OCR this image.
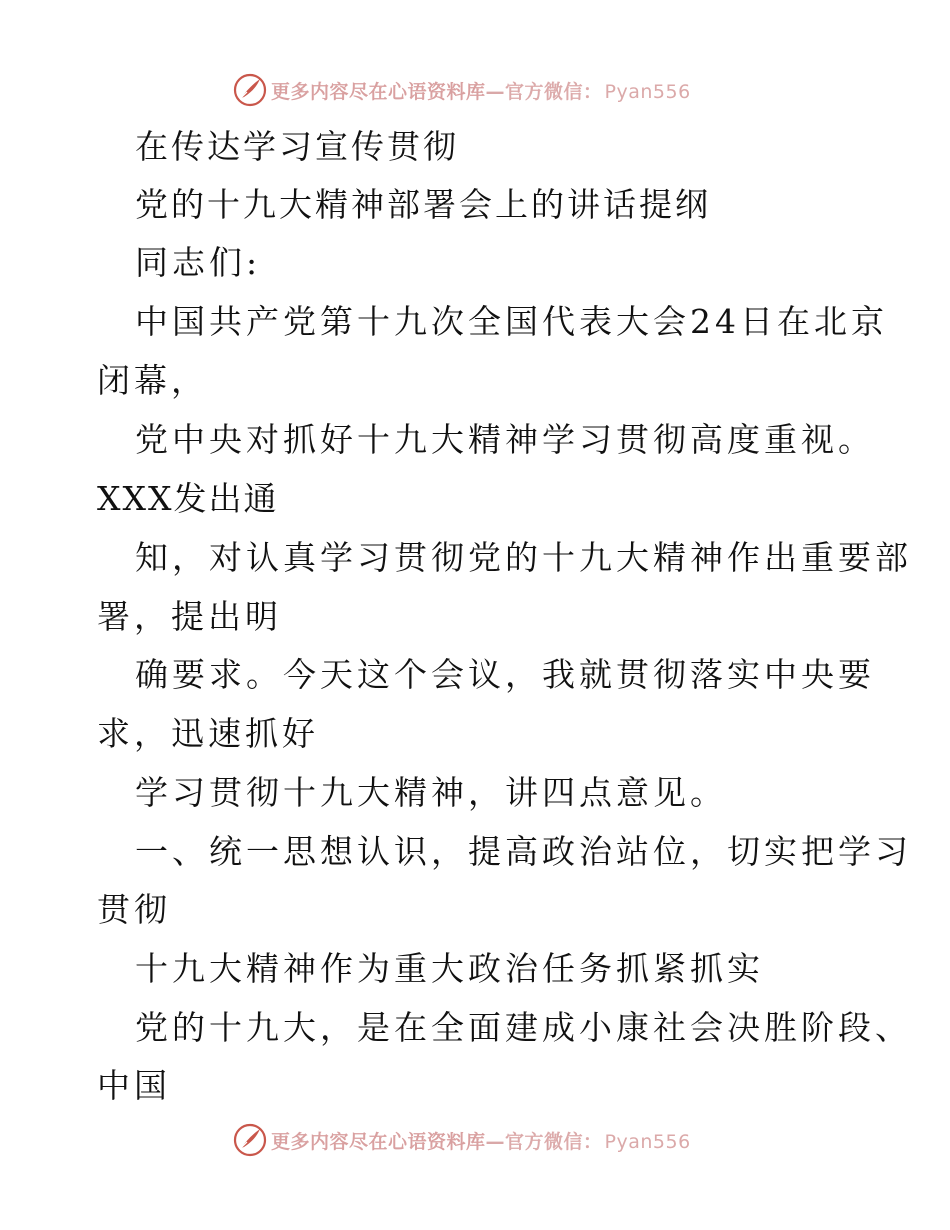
更多内容尽在心语资料库—官方微信： Pyan556
在传达学习宣传贯彻
党的十九大精神部署会上的讲话提纲
同志们:
中国共产党第十九次全国代表大会24日在北京
闭幕，
党中央对抓好十九大精神学习贯彻高度重视。
XXX发出通
知，对认真学习贯彻党的十九大精神作出重要部
署，提出明
确要求。今天这个会议，我就贯彻落实中央要
求，迅速抓好
学习贯彻十九大精神，讲四点意见。
一、统一思想认识，提高政治站位，切实把学习
贯彻
十九大精神作为重大政治任务抓紧抓实
党的十九大，是在全面建成小康社会决胜阶段、
中国
更多内容尽在心语资料库—官方微信： Pyan556
